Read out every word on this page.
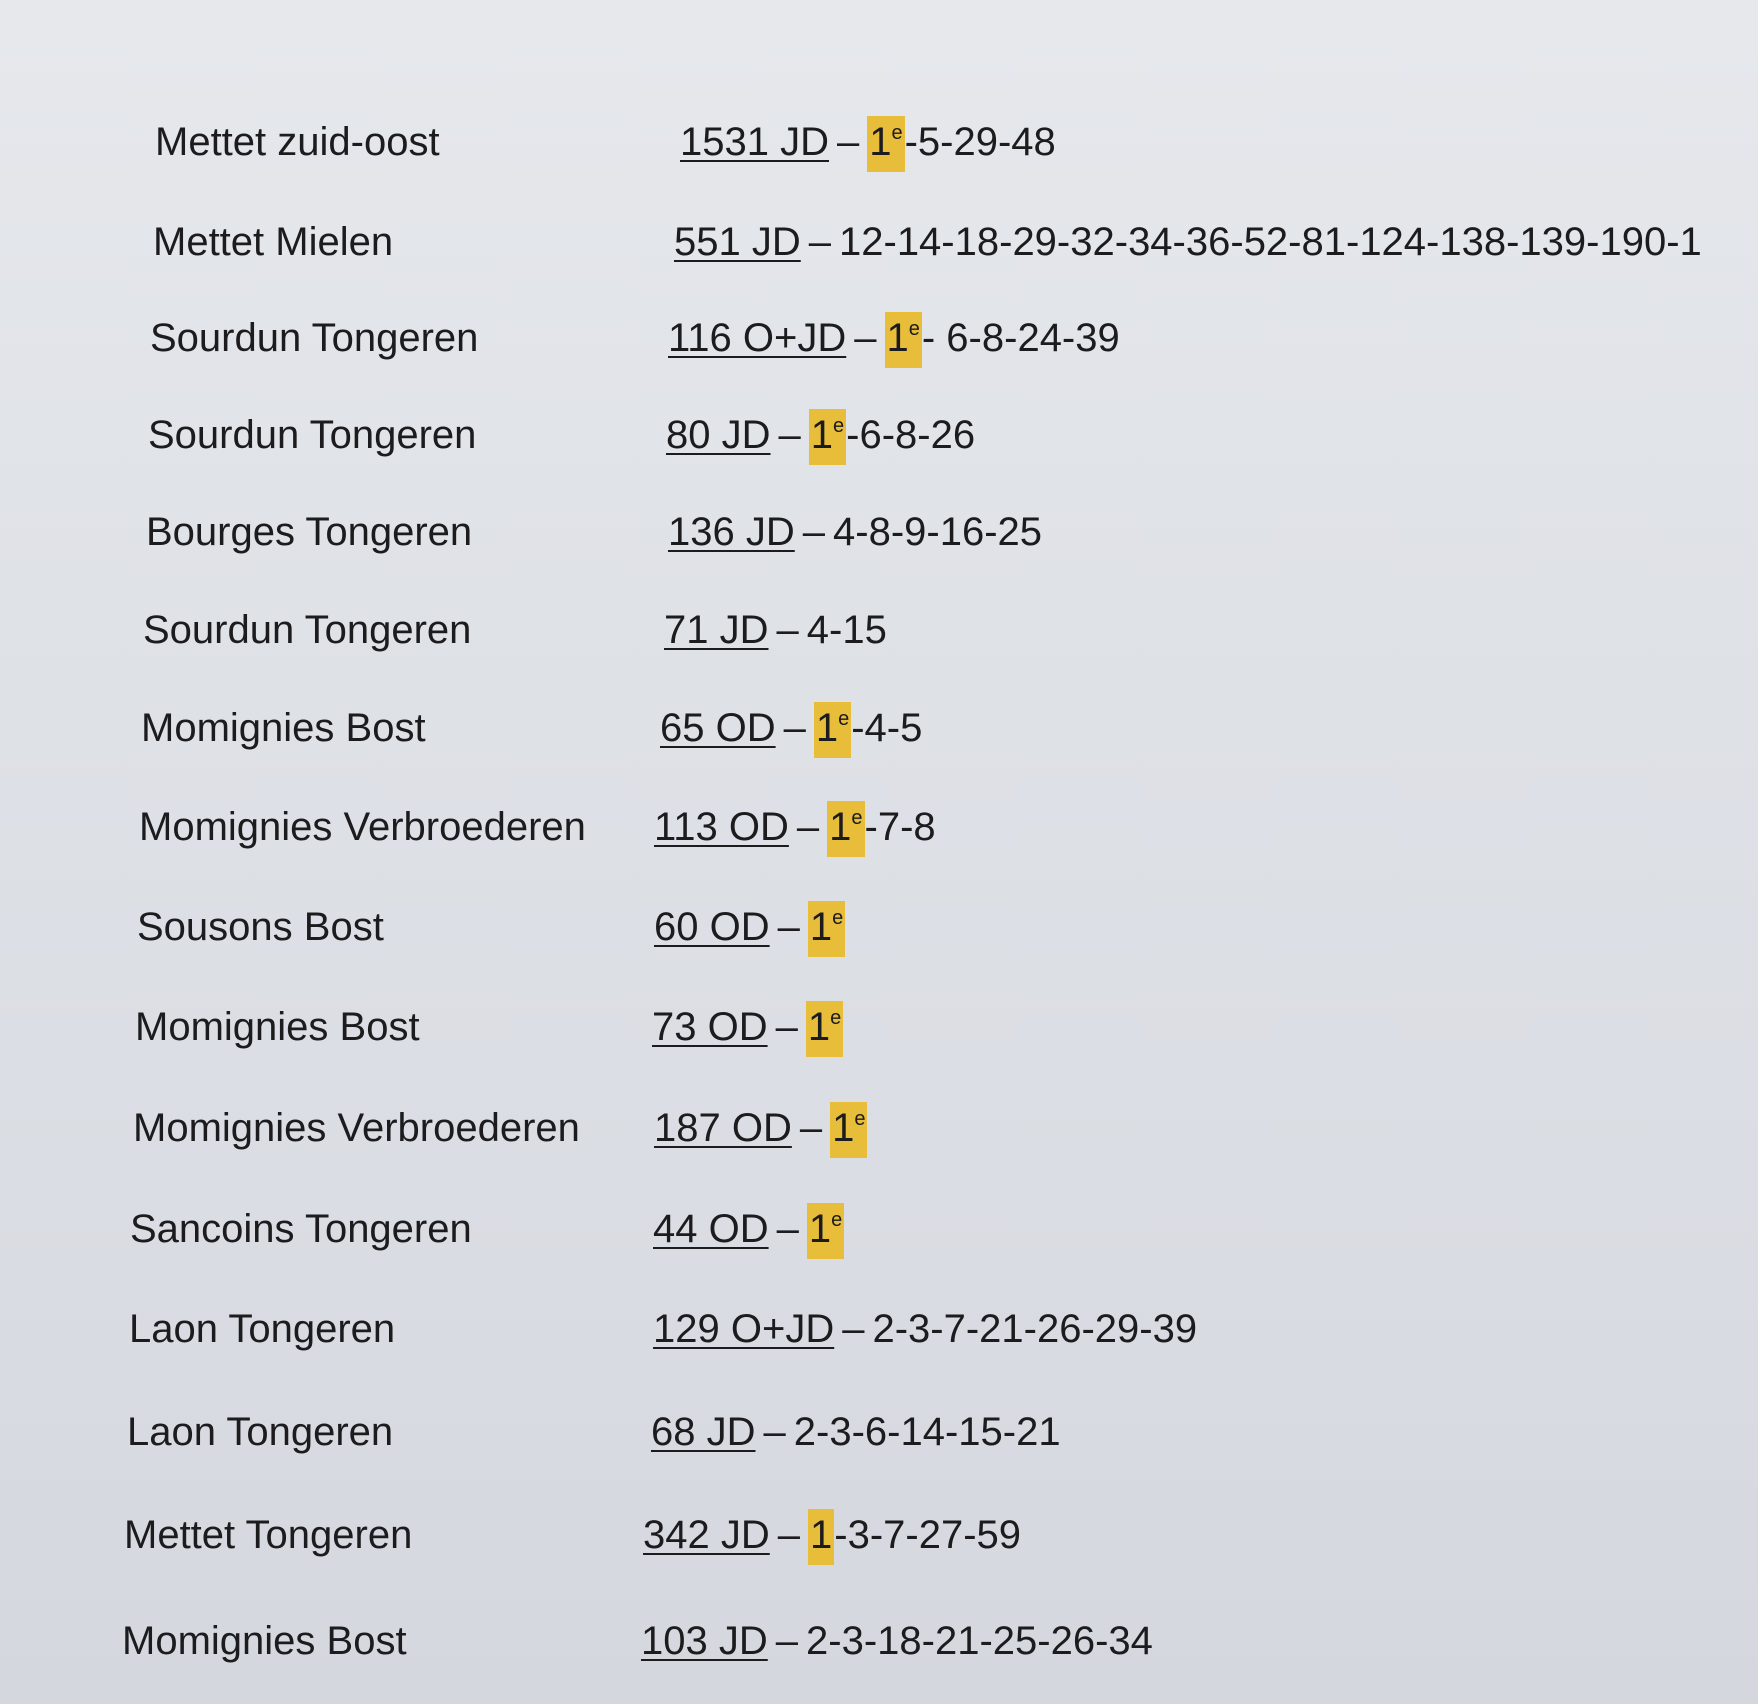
Mettet zuid-oost	1531 JD – 1e-5-29-48
Mettet Mielen	551 JD – 12-14-18-29-32-34-36-52-81-124-138-139-190-1
Sourdun Tongeren	116 O+JD – 1e- 6-8-24-39
Sourdun Tongeren	80 JD – 1e-6-8-26
Bourges Tongeren	136 JD – 4-8-9-16-25
Sourdun Tongeren	71 JD – 4-15
Momignies Bost	65 OD – 1e-4-5
Momignies Verbroederen 113 OD – 1e-7-8
Sousons Bost	60 OD – 1e
Momignies Bost	73 OD – 1e
Momignies Verbroederen 187 OD – 1e
Sancoins Tongeren	44 OD – 1e
Laon Tongeren	129 O+JD – 2-3-7-21-26-29-39
Laon Tongeren	68 JD – 2-3-6-14-15-21
Mettet Tongeren	342 JD – 1-3-7-27-59
Momignies Bost	103 JD – 2-3-18-21-25-26-34
